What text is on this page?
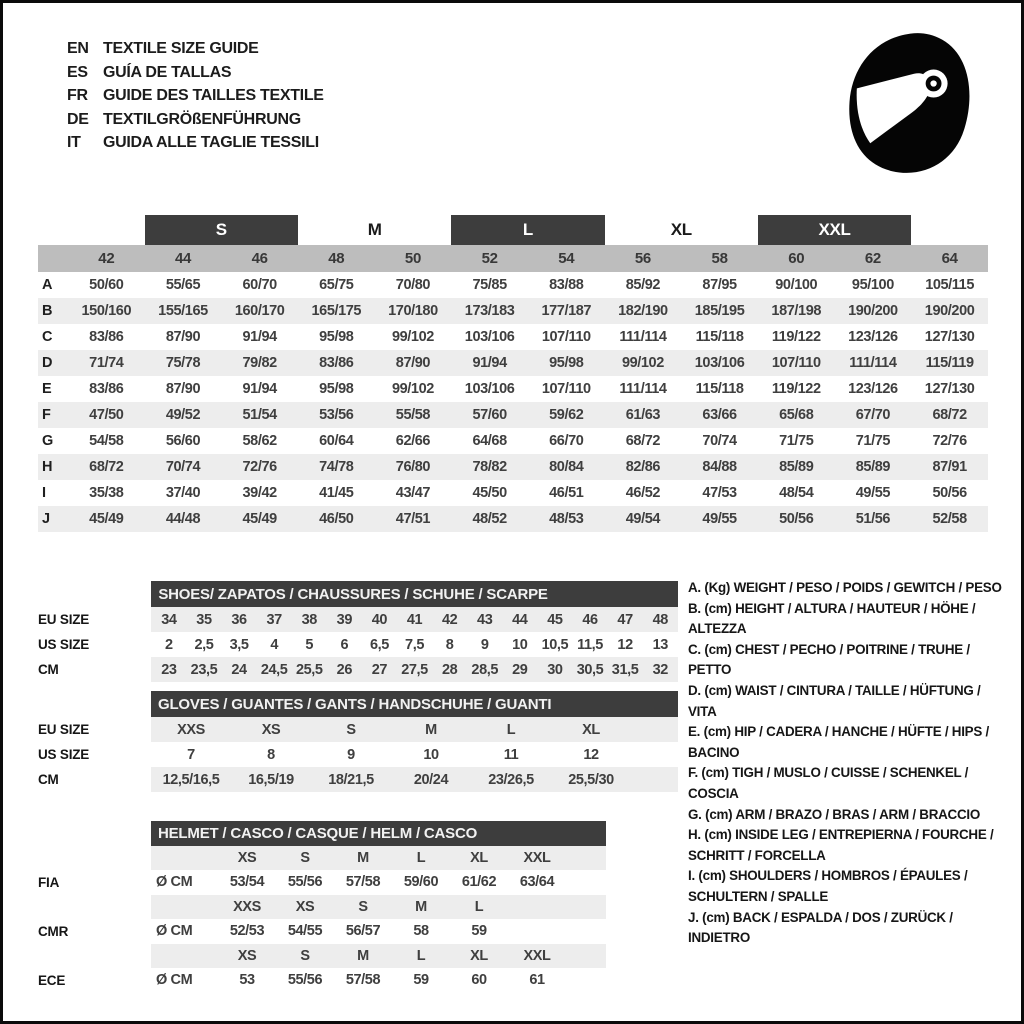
EN TEXTILE SIZE GUIDE
ES GUÍA DE TALLAS
FR GUIDE DES TAILLES TEXTILE
DE TEXTILGRÖßENFÜHRUNG
IT	GUIDA ALLE TAGLIE TESSILI
		S		M		L		XL		XXL		
	42	44	46	48	50	52	54	56	58	60	62	64
A	50/60	55/65	60/70	65/75	70/80	75/85	83/88	85/92	87/95	90/100	95/100	105/115
B	150/160	155/165	160/170	165/175	170/180	173/183	177/187	182/190	185/195	187/198	190/200	190/200
C	83/86	87/90	91/94	95/98	99/102	103/106	107/110	111/114	115/118	119/122	123/126	127/130
D	71/74	75/78	79/82	83/86	87/90	91/94	95/98	99/102	103/106	107/110	111/114	115/119
E	83/86	87/90	91/94	95/98	99/102	103/106	107/110	111/114	115/118	119/122	123/126	127/130
F	47/50	49/52	51/54	53/56	55/58	57/60	59/62	61/63	63/66	65/68	67/70	68/72
G	54/58	56/60	58/62	60/64	62/66	64/68	66/70	68/72	70/74	71/75	71/75	72/76
H	68/72	70/74	72/76	74/78	76/80	78/82	80/84	82/86	84/88	85/89	85/89	87/91
I	35/38	37/40	39/42	41/45	43/47	45/50	46/51	46/52	47/53	48/54	49/55	50/56
J	45/49	44/48	45/49	46/50	47/51	48/52	48/53	49/54	49/55	50/56	51/56	52/58
	SHOES/ ZAPATOS / CHAUSSURES / SCHUHE / SCARPE														
EU SIZE	34	35	36	37	38	39	40	41	42	43	44	45	46	47	48
US SIZE	2	2,5	3,5	4	5	6	6,5	7,5	8	9	10	10,5	11,5	12	13
CM	23	23,5	24	24,5	25,5	26	27	27,5	28	28,5	29	30	30,5	31,5	32
	GLOVES / GUANTES / GANTS / HANDSCHUHE / GUANTI						
EU SIZE	XXS	XS	S	M	L	XL	
US SIZE	7	8	9	10	11	12	
CM	12,5/16,5	16,5/19	18/21,5	20/24	23/26,5	25,5/30	
	HELMET / CASCO / CASQUE / HELM / CASCO							
		XS	S	M	L	XL	XXL	
FIA	Ø CM	53/54	55/56	57/58	59/60	61/62	63/64	
		XXS	XS	S	M	L		
CMR	Ø CM	52/53	54/55	56/57	58	59		
		XS	S	M	L	XL	XXL	
ECE	Ø CM	53	55/56	57/58	59	60	61	
A. (Kg) WEIGHT / PESO / POIDS / GEWITCH / PESO
B. (cm) HEIGHT / ALTURA / HAUTEUR / HÖHE / ALTEZZA
C. (cm) CHEST / PECHO / POITRINE / TRUHE / PETTO
D. (cm) WAIST / CINTURA / TAILLE / HÜFTUNG / VITA
E. (cm) HIP / CADERA / HANCHE / HÜFTE / HIPS / BACINO
F. (cm) TIGH / MUSLO / CUISSE / SCHENKEL / COSCIA
G. (cm) ARM / BRAZO / BRAS / ARM / BRACCIO
H. (cm) INSIDE LEG / ENTREPIERNA / FOURCHE / SCHRITT / FORCELLA
I. (cm) SHOULDERS / HOMBROS / ÉPAULES / SCHULTERN / SPALLE
J. (cm) BACK / ESPALDA / DOS / ZURÜCK / INDIETRO
